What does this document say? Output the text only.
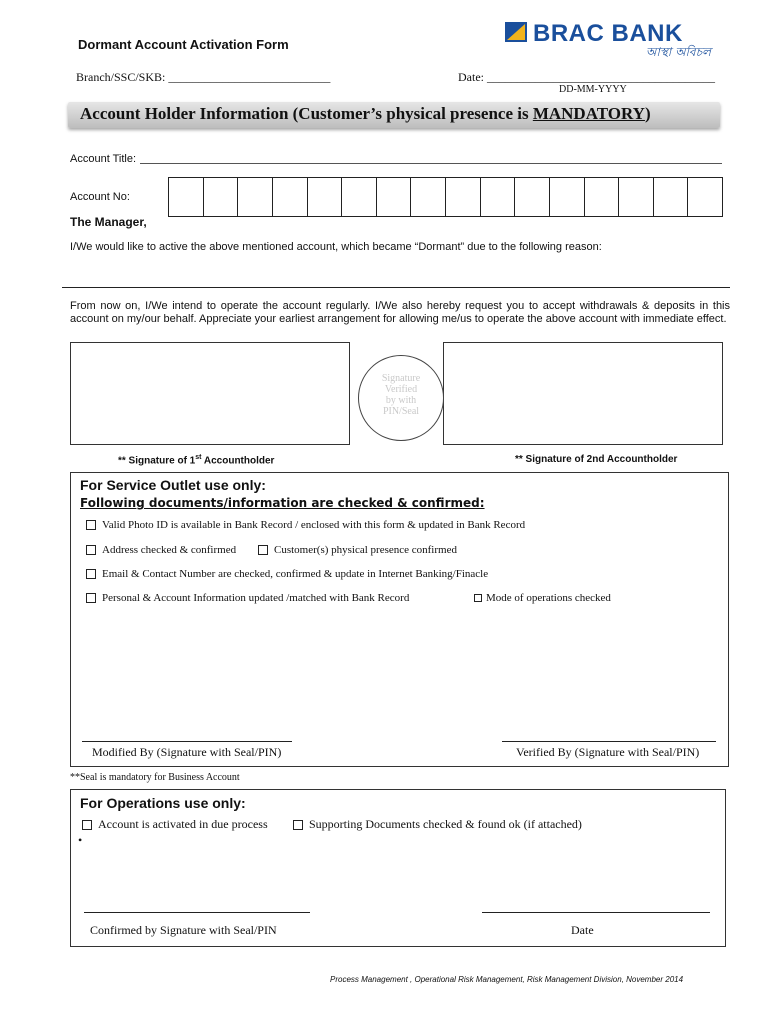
Dormant Account Activation Form	BRAC BANK
আস্থা অবিচল
Branch/SSC/SKB: ___________________________	Date: ______________________________________
DD-MM-YYYY
Account Holder Information (Customer’s physical presence is MANDATORY)
Account Title:
Account No:
The Manager,
I/We would like to active the above mentioned account, which became “Dormant” due to the following reason:
From now on, I/We intend to operate the account regularly. I/We also hereby request you to accept withdrawals & deposits in this account on my/our behalf. Appreciate your earliest arrangement for allowing me/us to operate the above account with immediate effect.
Signature
Verified
by with
PIN/Seal
** Signature of 1st Accountholder	** Signature of 2nd Accountholder
For Service Outlet use only:
Following documents/information are checked & confirmed:
Valid Photo ID is available in Bank Record / enclosed with this form & updated in Bank Record
Address checked & confirmed	Customer(s) physical presence confirmed
Email & Contact Number are checked, confirmed & update in Internet Banking/Finacle
Personal & Account Information updated /matched with Bank Record	Mode of operations checked
Modified By (Signature with Seal/PIN)	Verified By (Signature with Seal/PIN)
**Seal is mandatory for Business Account
For Operations use only:
Account is activated in due process	Supporting Documents checked & found ok (if attached)
•
Confirmed by Signature with Seal/PIN	Date
Process Management , Operational Risk Management, Risk Management Division, November 2014
